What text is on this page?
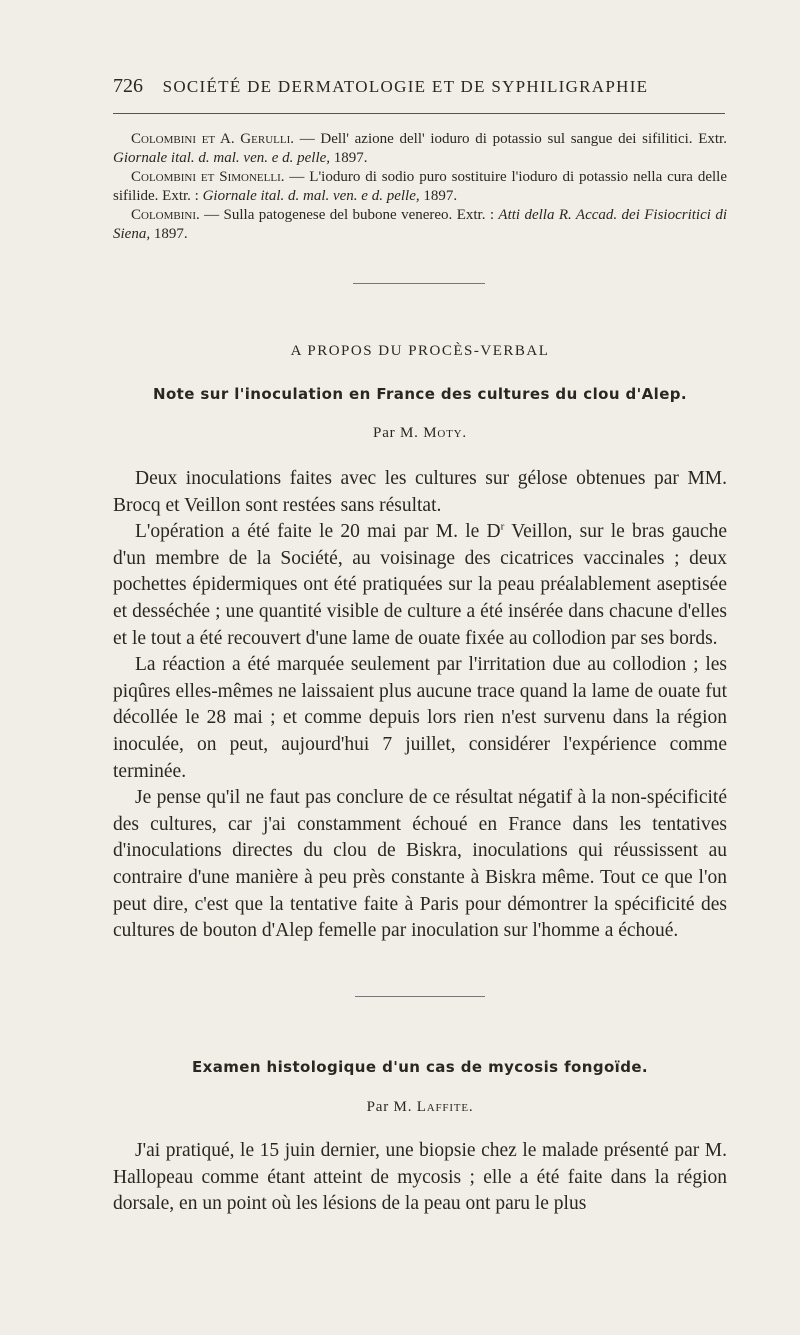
726 SOCIÉTÉ DE DERMATOLOGIE ET DE SYPHILIGRAPHIE

Colombini et A. Gerulli. — Dell' azione dell' ioduro di potassio sul sangue dei sifilitici. Extr. Giornale ital. d. mal. ven. e d. pelle, 1897.

Colombini et Simonelli. — L'ioduro di sodio puro sostituire l'ioduro di potassio nella cura delle sifilide. Extr. : Giornale ital. d. mal. ven. e d. pelle, 1897.

Colombini. — Sulla patogenese del bubone venereo. Extr. : Atti della R. Accad. dei Fisiocritici di Siena, 1897.

A PROPOS DU PROCÈS-VERBAL
Note sur l'inoculation en France des cultures du clou d'Alep.
Par M. Moty.

Deux inoculations faites avec les cultures sur gélose obtenues par MM. Brocq et Veillon sont restées sans résultat.

L'opération a été faite le 20 mai par M. le $D^r$ Veillon, sur le bras gauche d'un membre de la Société, au voisinage des cicatrices vaccinales ; deux pochettes épidermiques ont été pratiquées sur la peau préalablement aseptisée et desséchée ; une quantité visible de culture a été insérée dans chacune d'elles et le tout a été recouvert d'une lame de ouate fixée au collodion par ses bords.

La réaction a été marquée seulement par l'irritation due au collodion ; les piqûres elles-mêmes ne laissaient plus aucune trace quand la lame de ouate fut décollée le 28 mai ; et comme depuis lors rien n'est survenu dans la région inoculée, on peut, aujourd'hui 7 juillet, considérer l'expérience comme terminée.

Je pense qu'il ne faut pas conclure de ce résultat négatif à la non-spécificité des cultures, car j'ai constamment échoué en France dans les tentatives d'inoculations directes du clou de Biskra, inoculations qui réussissent au contraire d'une manière à peu près constante à Biskra même. Tout ce que l'on peut dire, c'est que la tentative faite à Paris pour démontrer la spécificité des cultures de bouton d'Alep femelle par inoculation sur l'homme a échoué.

Examen histologique d'un cas de mycosis fongoïde.
Par M. Laffite.

J'ai pratiqué, le 15 juin dernier, une biopsie chez le malade présenté par M. Hallopeau comme étant atteint de mycosis ; elle a été faite dans la région dorsale, en un point où les lésions de la peau ont paru le plus
